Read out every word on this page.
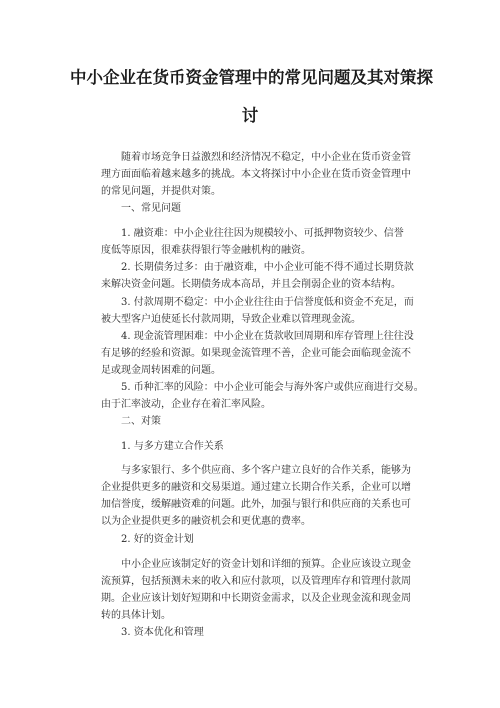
中小企业在货币资金管理中的常见问题及其对策探
讨
随着市场竞争日益激烈和经济情况不稳定，中小企业在货币资金管
理方面面临着越来越多的挑战。本文将探讨中小企业在货币资金管理中
的常见问题，并提供对策。
一、常见问题
1. 融资难：中小企业往往因为规模较小、可抵押物资较少、信誉
度低等原因，很难获得银行等金融机构的融资。
2. 长期债务过多：由于融资难，中小企业可能不得不通过长期贷款
来解决资金问题。长期债务成本高昂，并且会削弱企业的资本结构。
3. 付款周期不稳定：中小企业往往由于信誉度低和资金不充足，而
被大型客户迫使延长付款周期，导致企业难以管理现金流。
4. 现金流管理困难：中小企业在货款收回周期和库存管理上往往没
有足够的经验和资源。如果现金流管理不善，企业可能会面临现金流不
足或现金周转困难的问题。
5. 币种汇率的风险：中小企业可能会与海外客户或供应商进行交易。
由于汇率波动，企业存在着汇率风险。
二、对策
1. 与多方建立合作关系
与多家银行、多个供应商、多个客户建立良好的合作关系，能够为
企业提供更多的融资和交易渠道。通过建立长期合作关系，企业可以增
加信誉度，缓解融资难的问题。此外，加强与银行和供应商的关系也可
以为企业提供更多的融资机会和更优惠的费率。
2. 好的资金计划
中小企业应该制定好的资金计划和详细的预算。企业应该设立现金
流预算，包括预测未来的收入和应付款项，以及管理库存和管理付款周
期。企业应该计划好短期和中长期资金需求，以及企业现金流和现金周
转的具体计划。
3. 资本优化和管理
